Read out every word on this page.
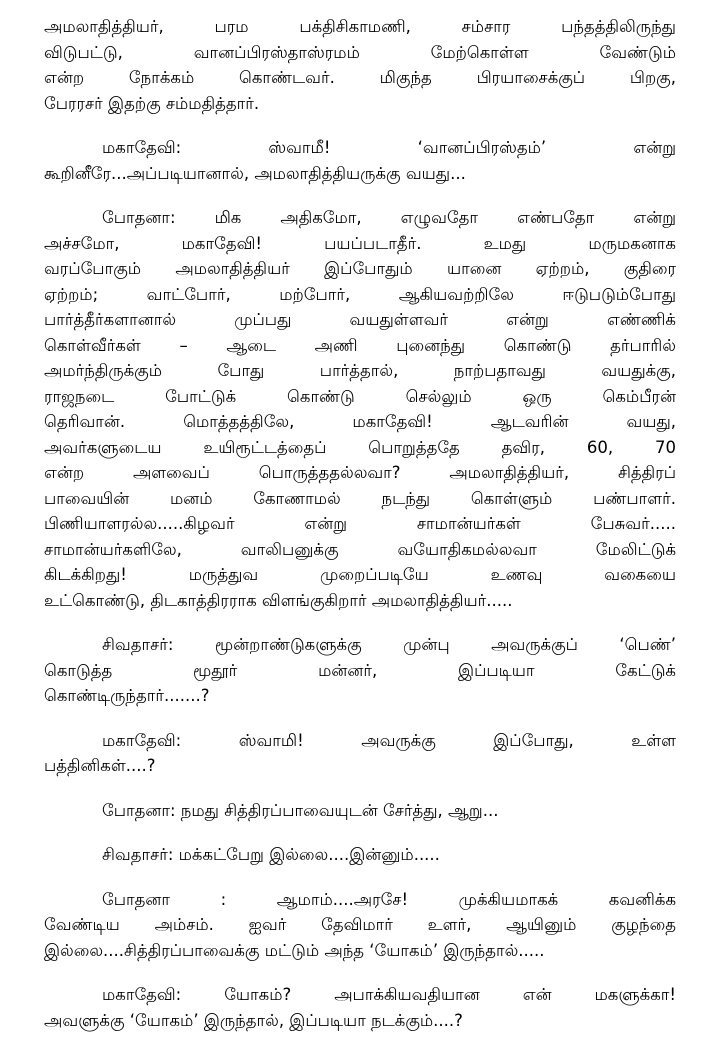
அமலாதித்தியர், பரம பக்திசிகாமணி, சம்சார பந்தத்திலிருந்து
விடுபட்டு, வானப்பிரஸ்தாஸ்ரமம் மேற்கொள்ள வேண்டும்
என்ற நோக்கம் கொண்டவர். மிகுந்த பிரயாசைக்குப் பிறகு,
பேரரசர் இதற்கு சம்மதித்தார்.
மகாதேவி: ஸ்வாமீ! ‘வானப்பிரஸ்தம்’ என்று
கூறினீரே...அப்படியானால், அமலாதித்தியருக்கு வயது...
போதனா: மிக அதிகமோ, எழுவதோ எண்பதோ என்று
அச்சமோ, மகாதேவி! பயப்படாதீர். உமது மருமகனாக
வரப்போகும் அமலாதித்தியர் இப்போதும் யானை ஏற்றம், குதிரை
ஏற்றம்; வாட்போர், மற்போர், ஆகியவற்றிலே ஈடுபடும்போது
பார்த்தீர்களானால் முப்பது வயதுள்ளவர் என்று எண்ணிக்
கொள்வீர்கள் – ஆடை அணி புனைந்து கொண்டு தர்பாரில்
அமர்ந்திருக்கும் போது பார்த்தால், நாற்பதாவது வயதுக்கு,
ராஜநடை போட்டுக் கொண்டு செல்லும் ஒரு கெம்பீரன்
தெரிவான். மொத்தத்திலே, மகாதேவி! ஆடவரின் வயது,
அவர்களுடைய உயிரூட்டத்தைப் பொறுத்ததே தவிர, 60, 70
என்ற அளவைப் பொருத்ததல்லவா? அமலாதித்தியர், சித்திரப்
பாவையின் மனம் கோணாமல் நடந்து கொள்ளும் பண்பாளர்.
பிணியாளரல்ல.....கிழவர் என்று சாமான்யர்கள் பேசுவர்.....
சாமான்யர்களிலே, வாலிபனுக்கு வயோதிகமல்லவா மேலிட்டுக்
கிடக்கிறது! மருத்துவ முறைப்படியே உணவு வகையை
உட்கொண்டு, திடகாத்திரராக விளங்குகிறார் அமலாதித்தியர்.....
சிவதாசர்: மூன்றாண்டுகளுக்கு முன்பு அவருக்குப் ‘பெண்’
கொடுத்த மூதூர் மன்னர், இப்படியா கேட்டுக்
கொண்டிருந்தார்.......?
மகாதேவி: ஸ்வாமி! அவருக்கு இப்போது, உள்ள
பத்தினிகள்....?
போதனா: நமது சித்திரப்பாவையுடன் சேர்த்து, ஆறு...
சிவதாசர்: மக்கட்பேறு இல்லை....இன்னும்.....
போதனா : ஆமாம்....அரசே! முக்கியமாகக் கவனிக்க
வேண்டிய அம்சம். ஐவர் தேவிமார் உளர், ஆயினும் குழந்தை
இல்லை....சித்திரப்பாவைக்கு மட்டும் அந்த ‘யோகம்’ இருந்தால்.....
மகாதேவி: யோகம்? அபாக்கியவதியான என் மகளுக்கா!
அவளுக்கு ‘யோகம்’ இருந்தால், இப்படியா நடக்கும்....?
